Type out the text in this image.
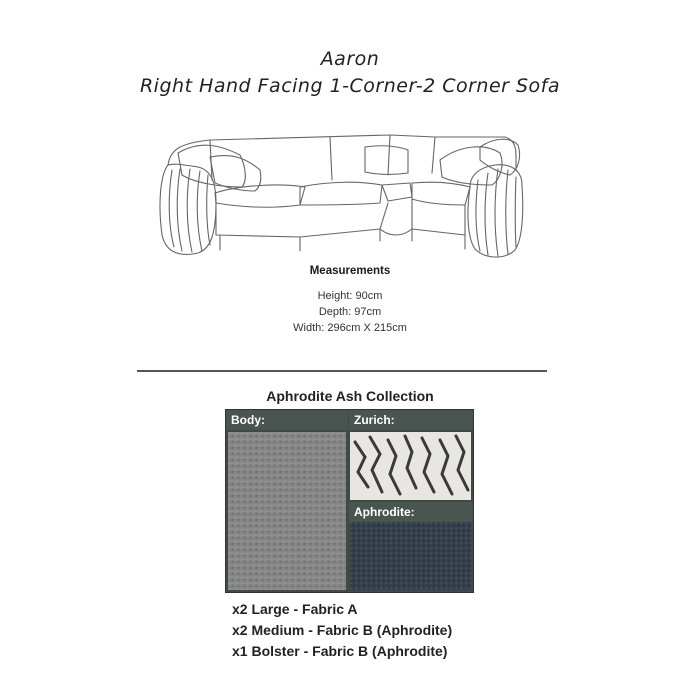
Aaron
Right Hand Facing 1-Corner-2 Corner Sofa
Measurements
Height: 90cm
Depth: 97cm
Width: 296cm X 215cm
Aphrodite Ash Collection
Body:	Zurich:
Aphrodite:
x2 Large - Fabric A
x2 Medium - Fabric B (Aphrodite)
x1 Bolster - Fabric B (Aphrodite)
